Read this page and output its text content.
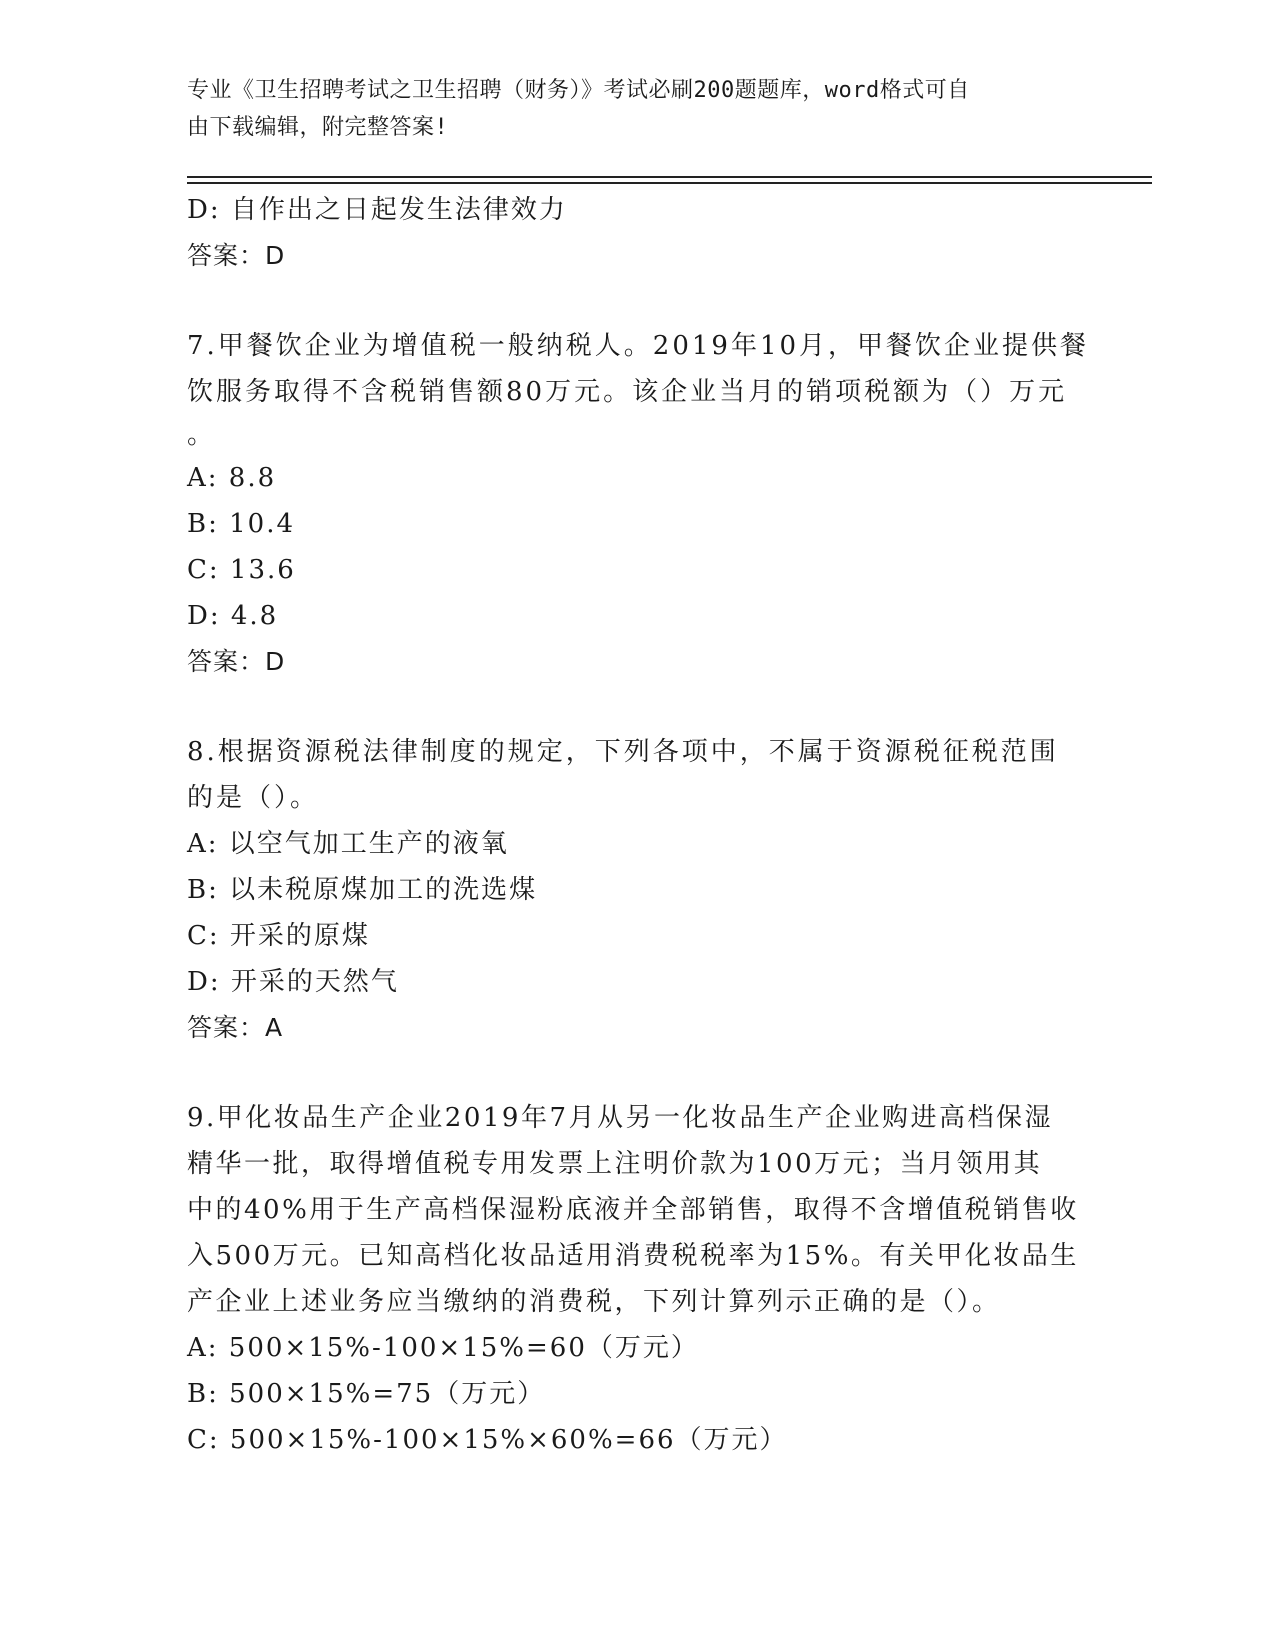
专业《卫生招聘考试之卫生招聘（财务）》考试必刷200题题库，word格式可自
由下载编辑，附完整答案!
D: 自作出之日起发生法律效力
答案：D
7.甲餐饮企业为增值税一般纳税人。2019年10月，甲餐饮企业提供餐
饮服务取得不含税销售额80万元。该企业当月的销项税额为（）万元
。
A: 8.8
B: 10.4
C: 13.6
D: 4.8
答案：D
8.根据资源税法律制度的规定，下列各项中，不属于资源税征税范围
的是（）。
A: 以空气加工生产的液氧
B: 以未税原煤加工的洗选煤
C: 开采的原煤
D: 开采的天然气
答案：A
9.甲化妆品生产企业2019年7月从另一化妆品生产企业购进高档保湿
精华一批，取得增值税专用发票上注明价款为100万元；当月领用其
中的40%用于生产高档保湿粉底液并全部销售，取得不含增值税销售收
入500万元。已知高档化妆品适用消费税税率为15%。有关甲化妆品生
产企业上述业务应当缴纳的消费税，下列计算列示正确的是（）。
A: 500×15%-100×15%=60（万元）
B: 500×15%=75（万元）
C: 500×15%-100×15%×60%=66（万元）
